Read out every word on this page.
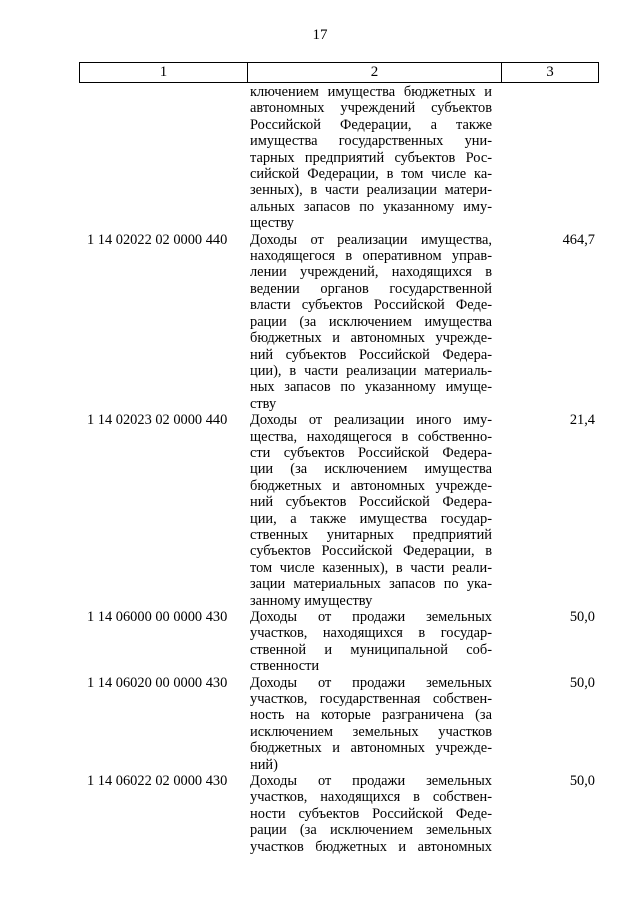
17
1	2	3
ключением имущества бюджетных и
автономных учреждений субъектов
Российской Федерации, а также
имущества государственных уни-
тарных предприятий субъектов Рос-
сийской Федерации, в том числе ка-
зенных), в части реализации матери-
альных запасов по указанному иму-
ществу
1 14 02022 02 0000 440	Доходы от реализации имущества,
находящегося в оперативном управ-
лении учреждений, находящихся в
ведении органов государственной
власти субъектов Российской Феде-
рации (за исключением имущества
бюджетных и автономных учрежде-
ний субъектов Российской Федера-
ции), в части реализации материаль-
ных запасов по указанному имуще-
ству
464,7
1 14 02023 02 0000 440	Доходы от реализации иного иму-
щества, находящегося в собственно-
сти субъектов Российской Федера-
ции (за исключением имущества
бюджетных и автономных учрежде-
ний субъектов Российской Федера-
ции, а также имущества государ-
ственных унитарных предприятий
субъектов Российской Федерации, в
том числе казенных), в части реали-
зации материальных запасов по ука-
занному имуществу
21,4
1 14 06000 00 0000 430	Доходы от продажи земельных
участков, находящихся в государ-
ственной и муниципальной соб-
ственности
50,0
1 14 06020 00 0000 430	Доходы от продажи земельных
участков, государственная собствен-
ность на которые разграничена (за
исключением земельных участков
бюджетных и автономных учрежде-
ний)
50,0
1 14 06022 02 0000 430	Доходы от продажи земельных
участков, находящихся в собствен-
ности субъектов Российской Феде-
рации (за исключением земельных
участков бюджетных и автономных
50,0
